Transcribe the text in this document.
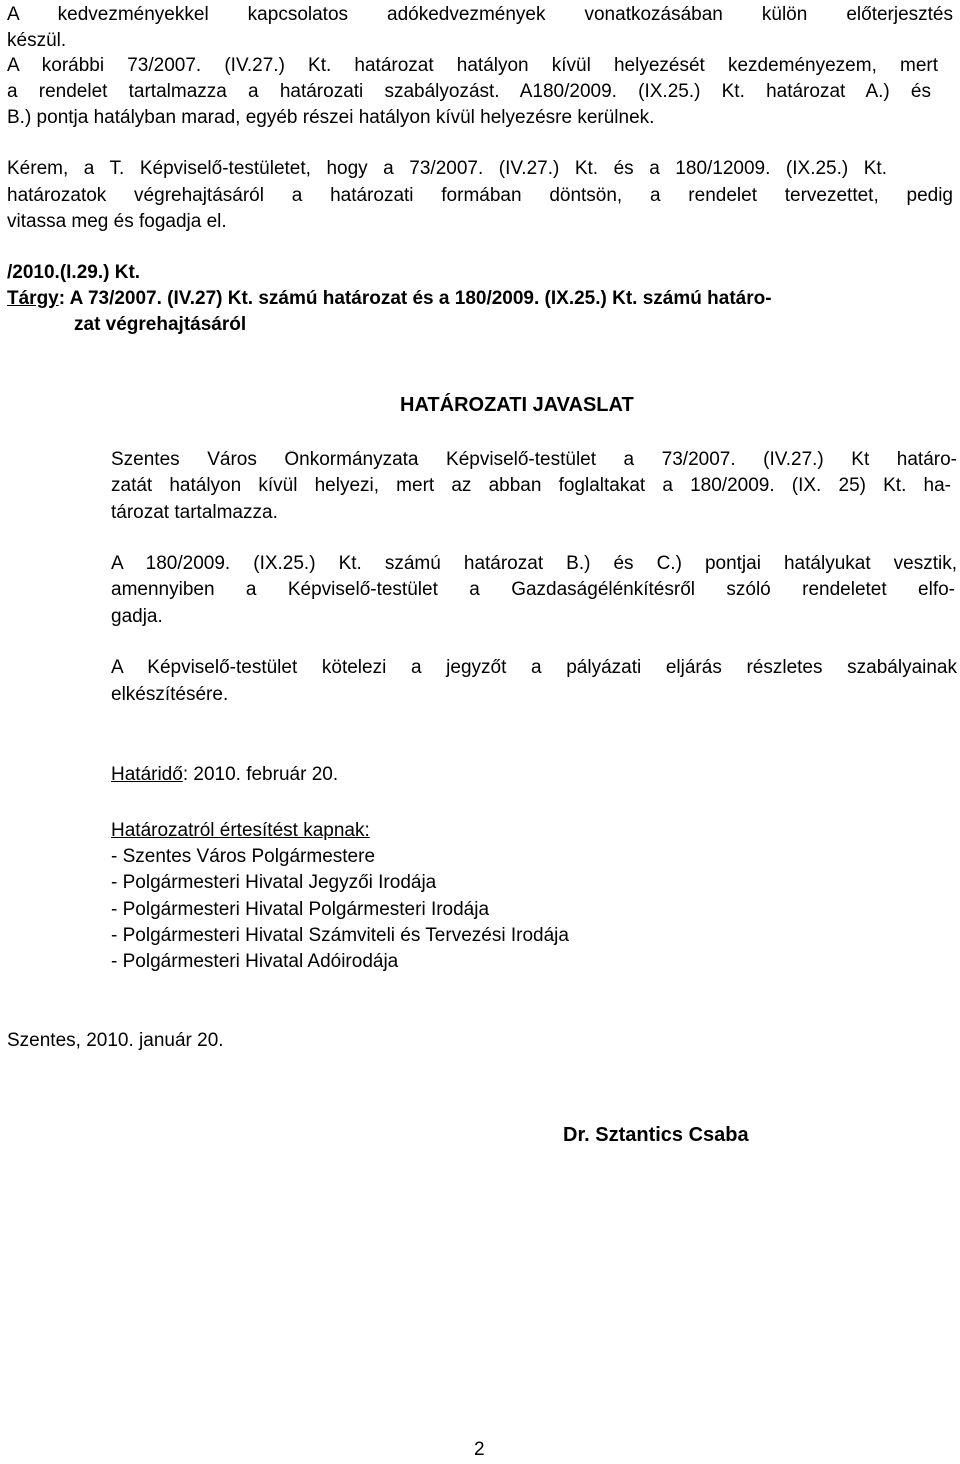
A kedvezményekkel kapcsolatos adókedvezmények vonatkozásában külön előterjesztés
készül.
A korábbi 73/2007. (IV.27.) Kt. határozat hatályon kívül helyezését kezdeményezem, mert
a rendelet tartalmazza a határozati szabályozást. A180/2009. (IX.25.) Kt. határozat A.) és
B.) pontja hatályban marad, egyéb részei hatályon kívül helyezésre kerülnek.
Kérem, a T. Képviselő-testületet, hogy a 73/2007. (IV.27.) Kt. és a 180/12009. (IX.25.) Kt.
határozatok végrehajtásáról a határozati formában döntsön, a rendelet tervezettet, pedig
vitassa meg és fogadja el.
/2010.(I.29.) Kt.
Tárgy: A 73/2007. (IV.27) Kt. számú határozat és a 180/2009. (IX.25.) Kt. számú határo-
zat végrehajtásáról
HATÁROZATI JAVASLAT
Szentes Város Önkormányzata Képviselő-testület a 73/2007. (IV.27.) Kt határo-
zatát hatályon kívül helyezi, mert az abban foglaltakat a 180/2009. (IX. 25) Kt. ha-
tározat tartalmazza.
A 180/2009. (IX.25.) Kt. számú határozat B.) és C.) pontjai hatályukat vesztik,
amennyiben a Képviselő-testület a Gazdaságélénkítésről szóló rendeletet elfo-
gadja.
A Képviselő-testület kötelezi a jegyzőt a pályázati eljárás részletes szabályainak
elkészítésére.
Határidő: 2010. február 20.
Határozatról értesítést kapnak:
- Szentes Város Polgármestere
- Polgármesteri Hivatal Jegyzői Irodája
- Polgármesteri Hivatal Polgármesteri Irodája
- Polgármesteri Hivatal Számviteli és Tervezési Irodája
- Polgármesteri Hivatal Adóirodája
Szentes, 2010. január 20.
Dr. Sztantics Csaba
2
